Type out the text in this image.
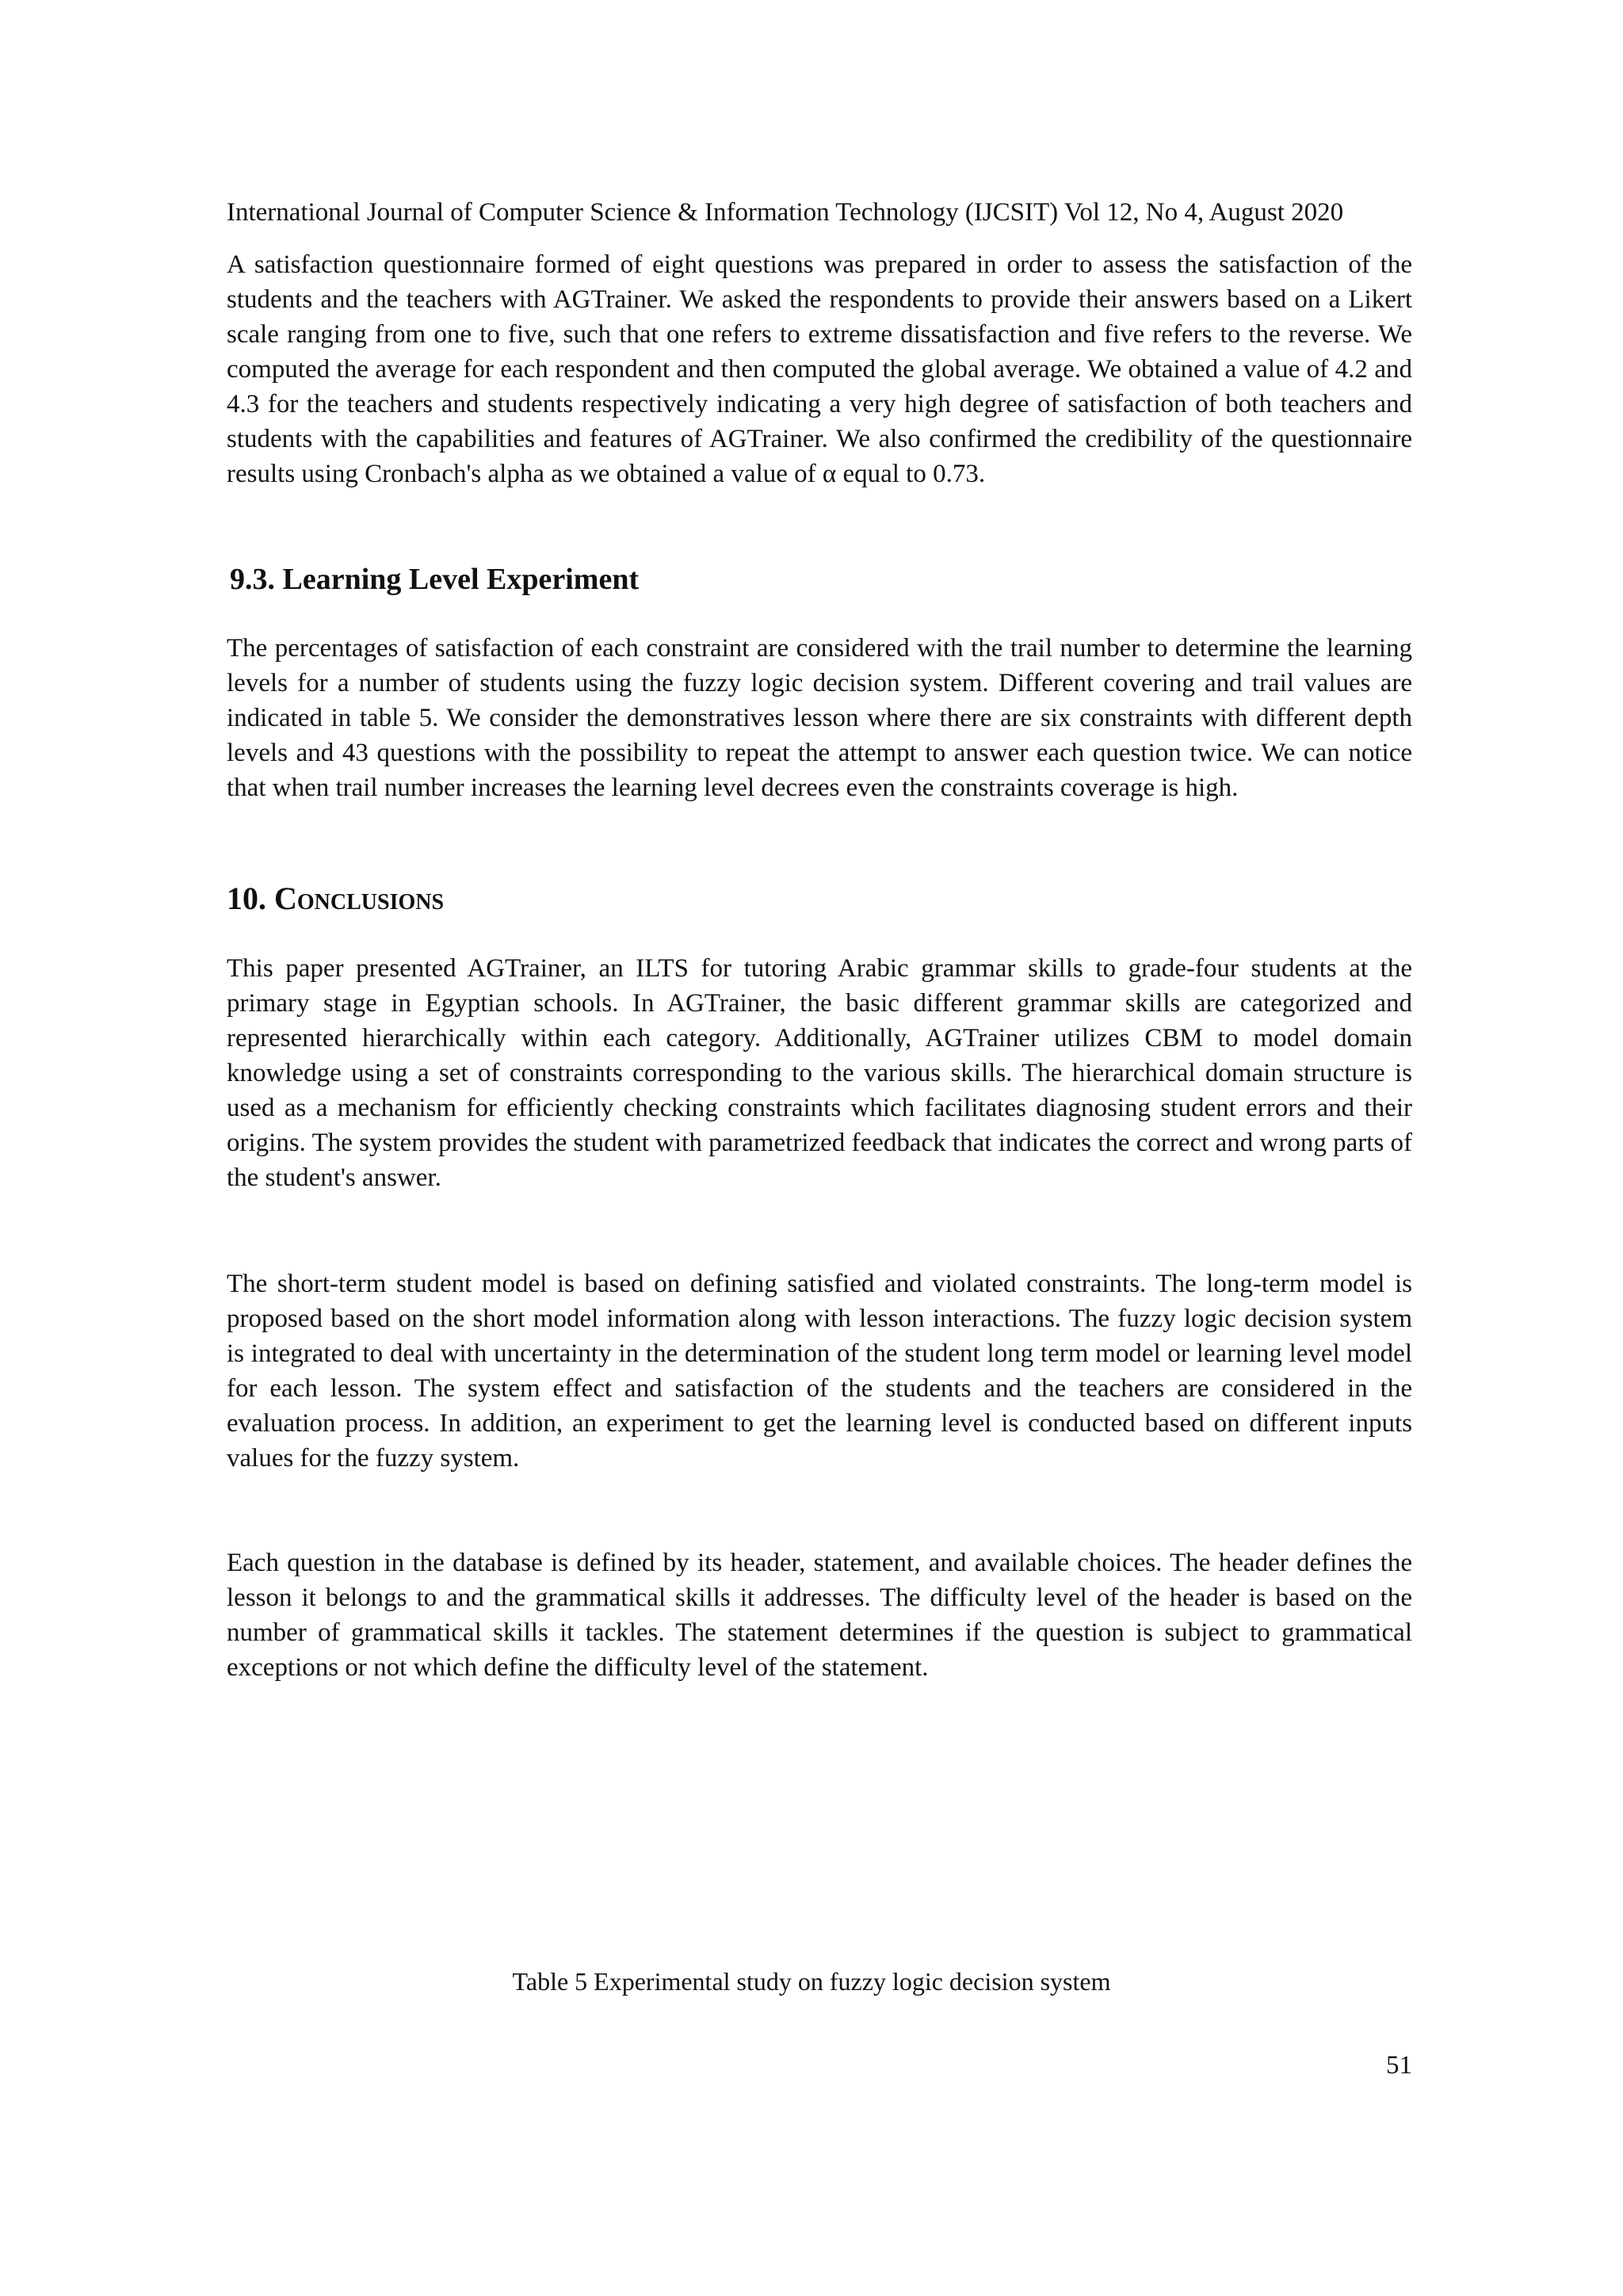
International Journal of Computer Science & Information Technology (IJCSIT) Vol 12, No 4, August 2020

A satisfaction questionnaire formed of eight questions was prepared in order to assess the satisfaction of the students and the teachers with AGTrainer. We asked the respondents to provide their answers based on a Likert scale ranging from one to five, such that one refers to extreme dissatisfaction and five refers to the reverse. We computed the average for each respondent and then computed the global average. We obtained a value of 4.2 and 4.3 for the teachers and students respectively indicating a very high degree of satisfaction of both teachers and students with the capabilities and features of AGTrainer. We also confirmed the credibility of the questionnaire results using Cronbach's alpha as we obtained a value of α equal to 0.73.

9.3. Learning Level Experiment

The percentages of satisfaction of each constraint are considered with the trail number to determine the learning levels for a number of students using the fuzzy logic decision system. Different covering and trail values are indicated in table 5. We consider the demonstratives lesson where there are six constraints with different depth levels and 43 questions with the possibility to repeat the attempt to answer each question twice. We can notice that when trail number increases the learning level decrees even the constraints coverage is high.

10. Conclusions

This paper presented AGTrainer, an ILTS for tutoring Arabic grammar skills to grade-four students at the primary stage in Egyptian schools. In AGTrainer, the basic different grammar skills are categorized and represented hierarchically within each category. Additionally, AGTrainer utilizes CBM to model domain knowledge using a set of constraints corresponding to the various skills. The hierarchical domain structure is used as a mechanism for efficiently checking constraints which facilitates diagnosing student errors and their origins. The system provides the student with parametrized feedback that indicates the correct and wrong parts of the student's answer.

The short-term student model is based on defining satisfied and violated constraints. The long-term model is proposed based on the short model information along with lesson interactions. The fuzzy logic decision system is integrated to deal with uncertainty in the determination of the student long term model or learning level model for each lesson. The system effect and satisfaction of the students and the teachers are considered in the evaluation process. In addition, an experiment to get the learning level is conducted based on different inputs values for the fuzzy system.

Each question in the database is defined by its header, statement, and available choices. The header defines the lesson it belongs to and the grammatical skills it addresses. The difficulty level of the header is based on the number of grammatical skills it tackles. The statement determines if the question is subject to grammatical exceptions or not which define the difficulty level of the statement.

Table 5 Experimental study on fuzzy logic decision system
51
